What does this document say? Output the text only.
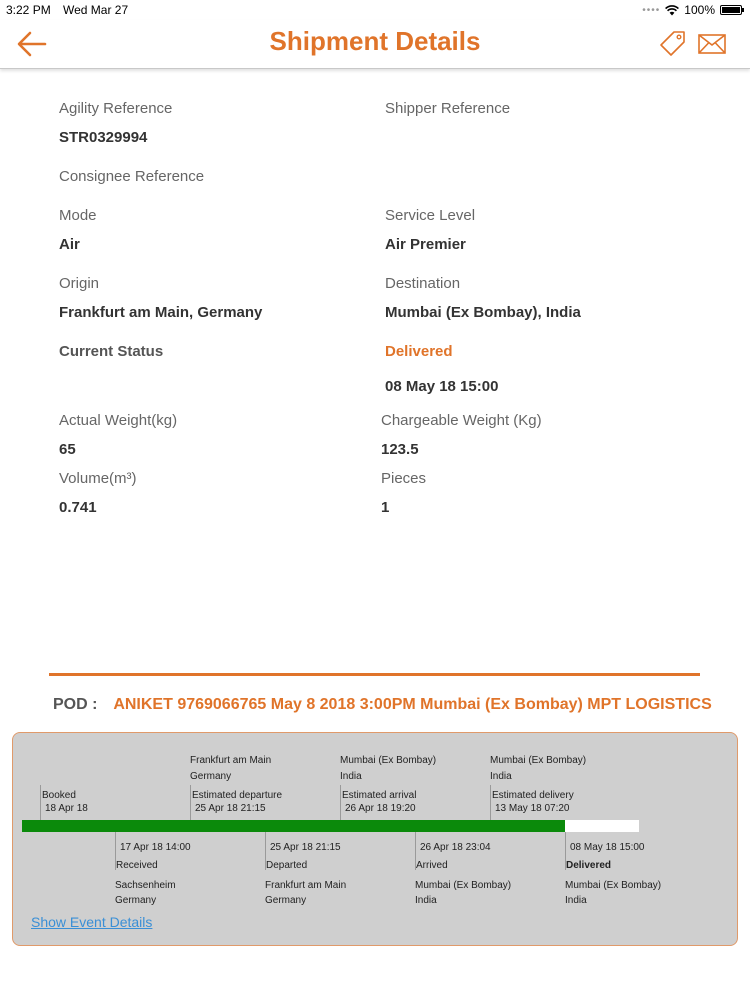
3:22 PM Wed Mar 27	•••• 100%
Shipment Details
Agility Reference
STR0329994
Shipper Reference
Consignee Reference
Mode
Air
Service Level
Air Premier
Origin
Frankfurt am Main, Germany
Destination
Mumbai (Ex Bombay), India
Current Status	Delivered
08 May 18 15:00
Actual Weight(kg)
65
Chargeable Weight (Kg)
123.5
Volume(m³)
0.741
Pieces
1
POD : ANIKET 9769066765 May 8 2018 3:00PM Mumbai (Ex Bombay) MPT LOGISTICS
Booked
18 Apr 18
Frankfurt am Main
Germany
Estimated departure
25 Apr 18 21:15
Mumbai (Ex Bombay)
India
Estimated arrival
26 Apr 18 19:20
Mumbai (Ex Bombay)
India
Estimated delivery
13 May 18 07:20
17 Apr 18 14:00
Received
Sachsenheim
Germany
25 Apr 18 21:15
Departed
Frankfurt am Main
Germany
26 Apr 18 23:04
Arrived
Mumbai (Ex Bombay)
India
08 May 18 15:00
Delivered
Mumbai (Ex Bombay)
India
Show Event Details
